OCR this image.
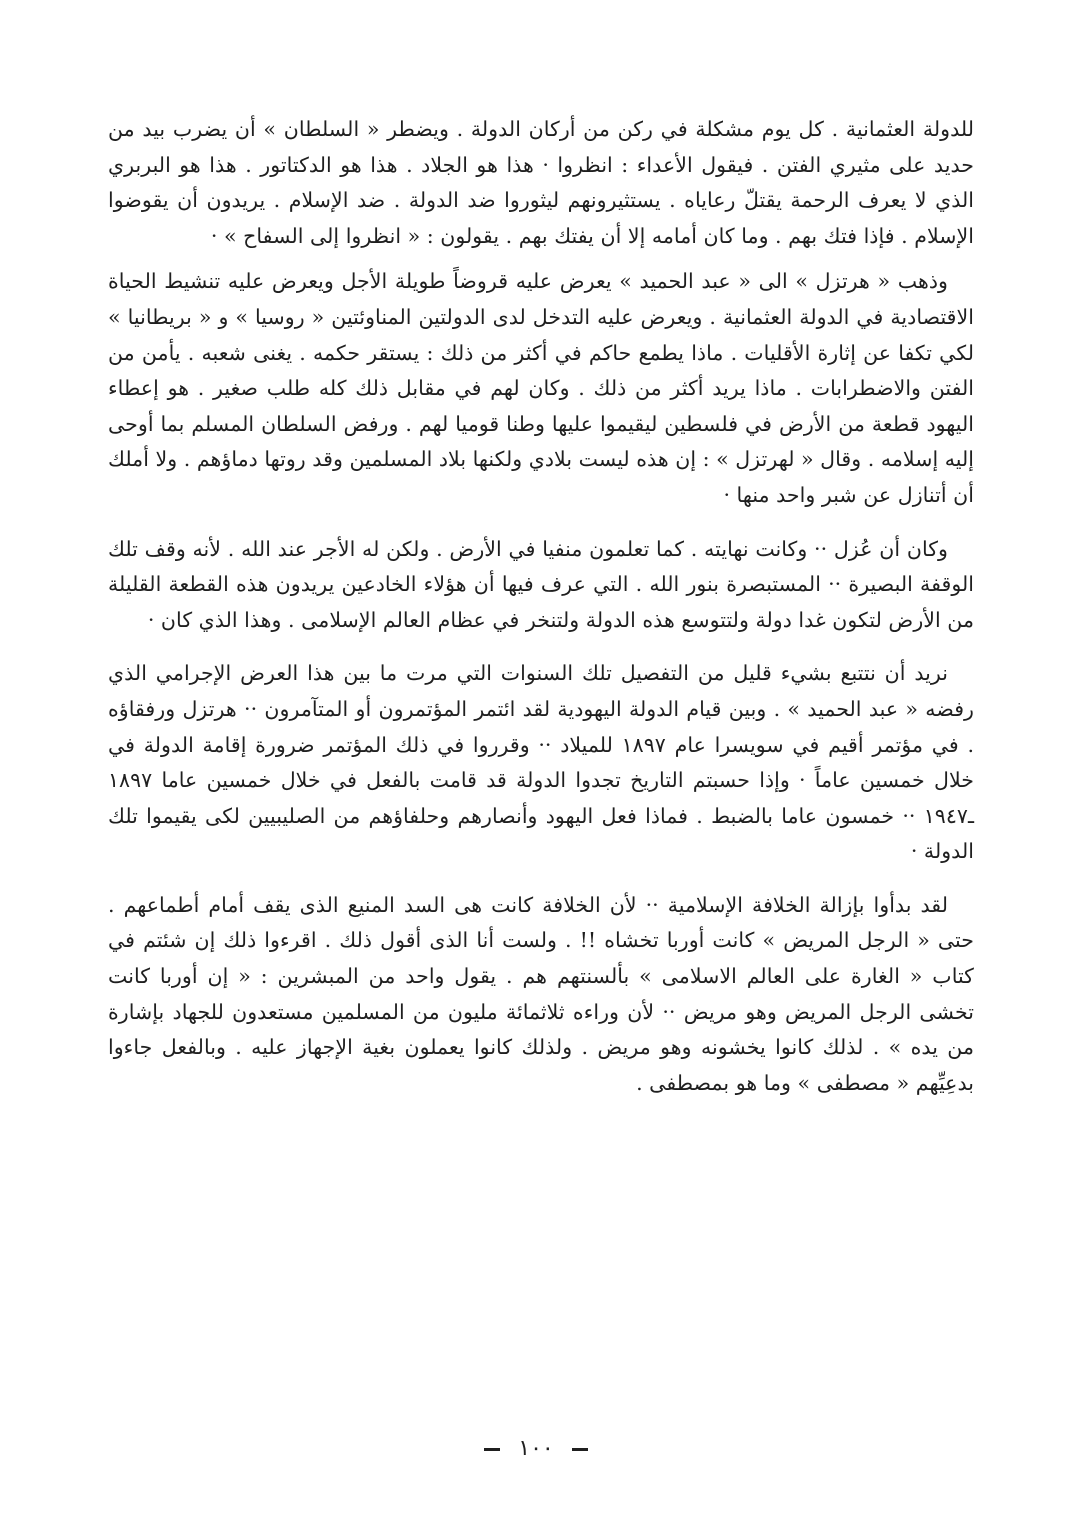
للدولة العثمانية . كل يوم مشكلة في ركن من أركان الدولة . ويضطر « السلطان » أن يضرب بيد من حديد على مثيري الفتن . فيقول الأعداء : انظروا · هذا هو الجلاد . هذا هو الدكتاتور . هذا هو البربري الذي لا يعرف الرحمة يقتلّ رعاياه . يستثيرونهم ليثوروا ضد الدولة . ضد الإسلام . يريدون أن يقوضوا الإسلام . فإذا فتك بهم . وما كان أمامه إلا أن يفتك بهم . يقولون : « انظروا إلى السفاح » ·

وذهب « هرتزل » الى « عبد الحميد » يعرض عليه قروضاً طويلة الأجل ويعرض عليه تنشيط الحياة الاقتصادية في الدولة العثمانية . ويعرض عليه التدخل لدى الدولتين المناوئتين « روسيا » و « بريطانيا » لكي تكفا عن إثارة الأقليات . ماذا يطمع حاكم في أكثر من ذلك : يستقر حكمه . يغنى شعبه . يأمن من الفتن والاضطرابات . ماذا يريد أكثر من ذلك . وكان لهم في مقابل ذلك كله طلب صغير . هو إعطاء اليهود قطعة من الأرض في فلسطين ليقيموا عليها وطنا قوميا لهم . ورفض السلطان المسلم بما أوحى إليه إسلامه . وقال « لهرتزل » : إن هذه ليست بلادي ولكنها بلاد المسلمين وقد روتها دماؤهم . ولا أملك أن أتنازل عن شبر واحد منها ·

وكان أن عُزل ·· وكانت نهايته . كما تعلمون منفيا في الأرض . ولكن له الأجر عند الله . لأنه وقف تلك الوقفة البصيرة ·· المستبصرة بنور الله . التي عرف فيها أن هؤلاء الخادعين يريدون هذه القطعة القليلة من الأرض لتكون غدا دولة ولتتوسع هذه الدولة ولتنخر في عظام العالم الإسلامى . وهذا الذي كان ·

نريد أن نتتبع بشيء قليل من التفصيل تلك السنوات التي مرت ما بين هذا العرض الإجرامي الذي رفضه « عبد الحميد » . وبين قيام الدولة اليهودية لقد ائتمر المؤتمرون أو المتآمرون ·· هرتزل ورفقاؤه . في مؤتمر أقيم في سويسرا عام ١٨٩٧ للميلاد ·· وقرروا في ذلك المؤتمر ضرورة إقامة الدولة في خلال خمسين عاماً · وإذا حسبتم التاريخ تجدوا الدولة قد قامت بالفعل في خلال خمسين عاما ١٨٩٧ ـ١٩٤٧ ·· خمسون عاما بالضبط . فماذا فعل اليهود وأنصارهم وحلفاؤهم من الصليبيين لكى يقيموا تلك الدولة ·

لقد بدأوا بإزالة الخلافة الإسلامية ·· لأن الخلافة كانت هى السد المنيع الذى يقف أمام أطماعهم . حتى « الرجل المريض » كانت أوربا تخشاه !! . ولست أنا الذى أقول ذلك . اقرءوا ذلك إن شئتم في كتاب « الغارة على العالم الاسلامى » بألسنتهم هم . يقول واحد من المبشرين : « إن أوربا كانت تخشى الرجل المريض وهو مريض ·· لأن وراءه ثلاثمائة مليون من المسلمين مستعدون للجهاد بإشارة من يده » . لذلك كانوا يخشونه وهو مريض . ولذلك كانوا يعملون بغية الإجهاز عليه . وبالفعل جاءوا بدعِيِّهم « مصطفى » وما هو بمصطفى .

١٠٠
